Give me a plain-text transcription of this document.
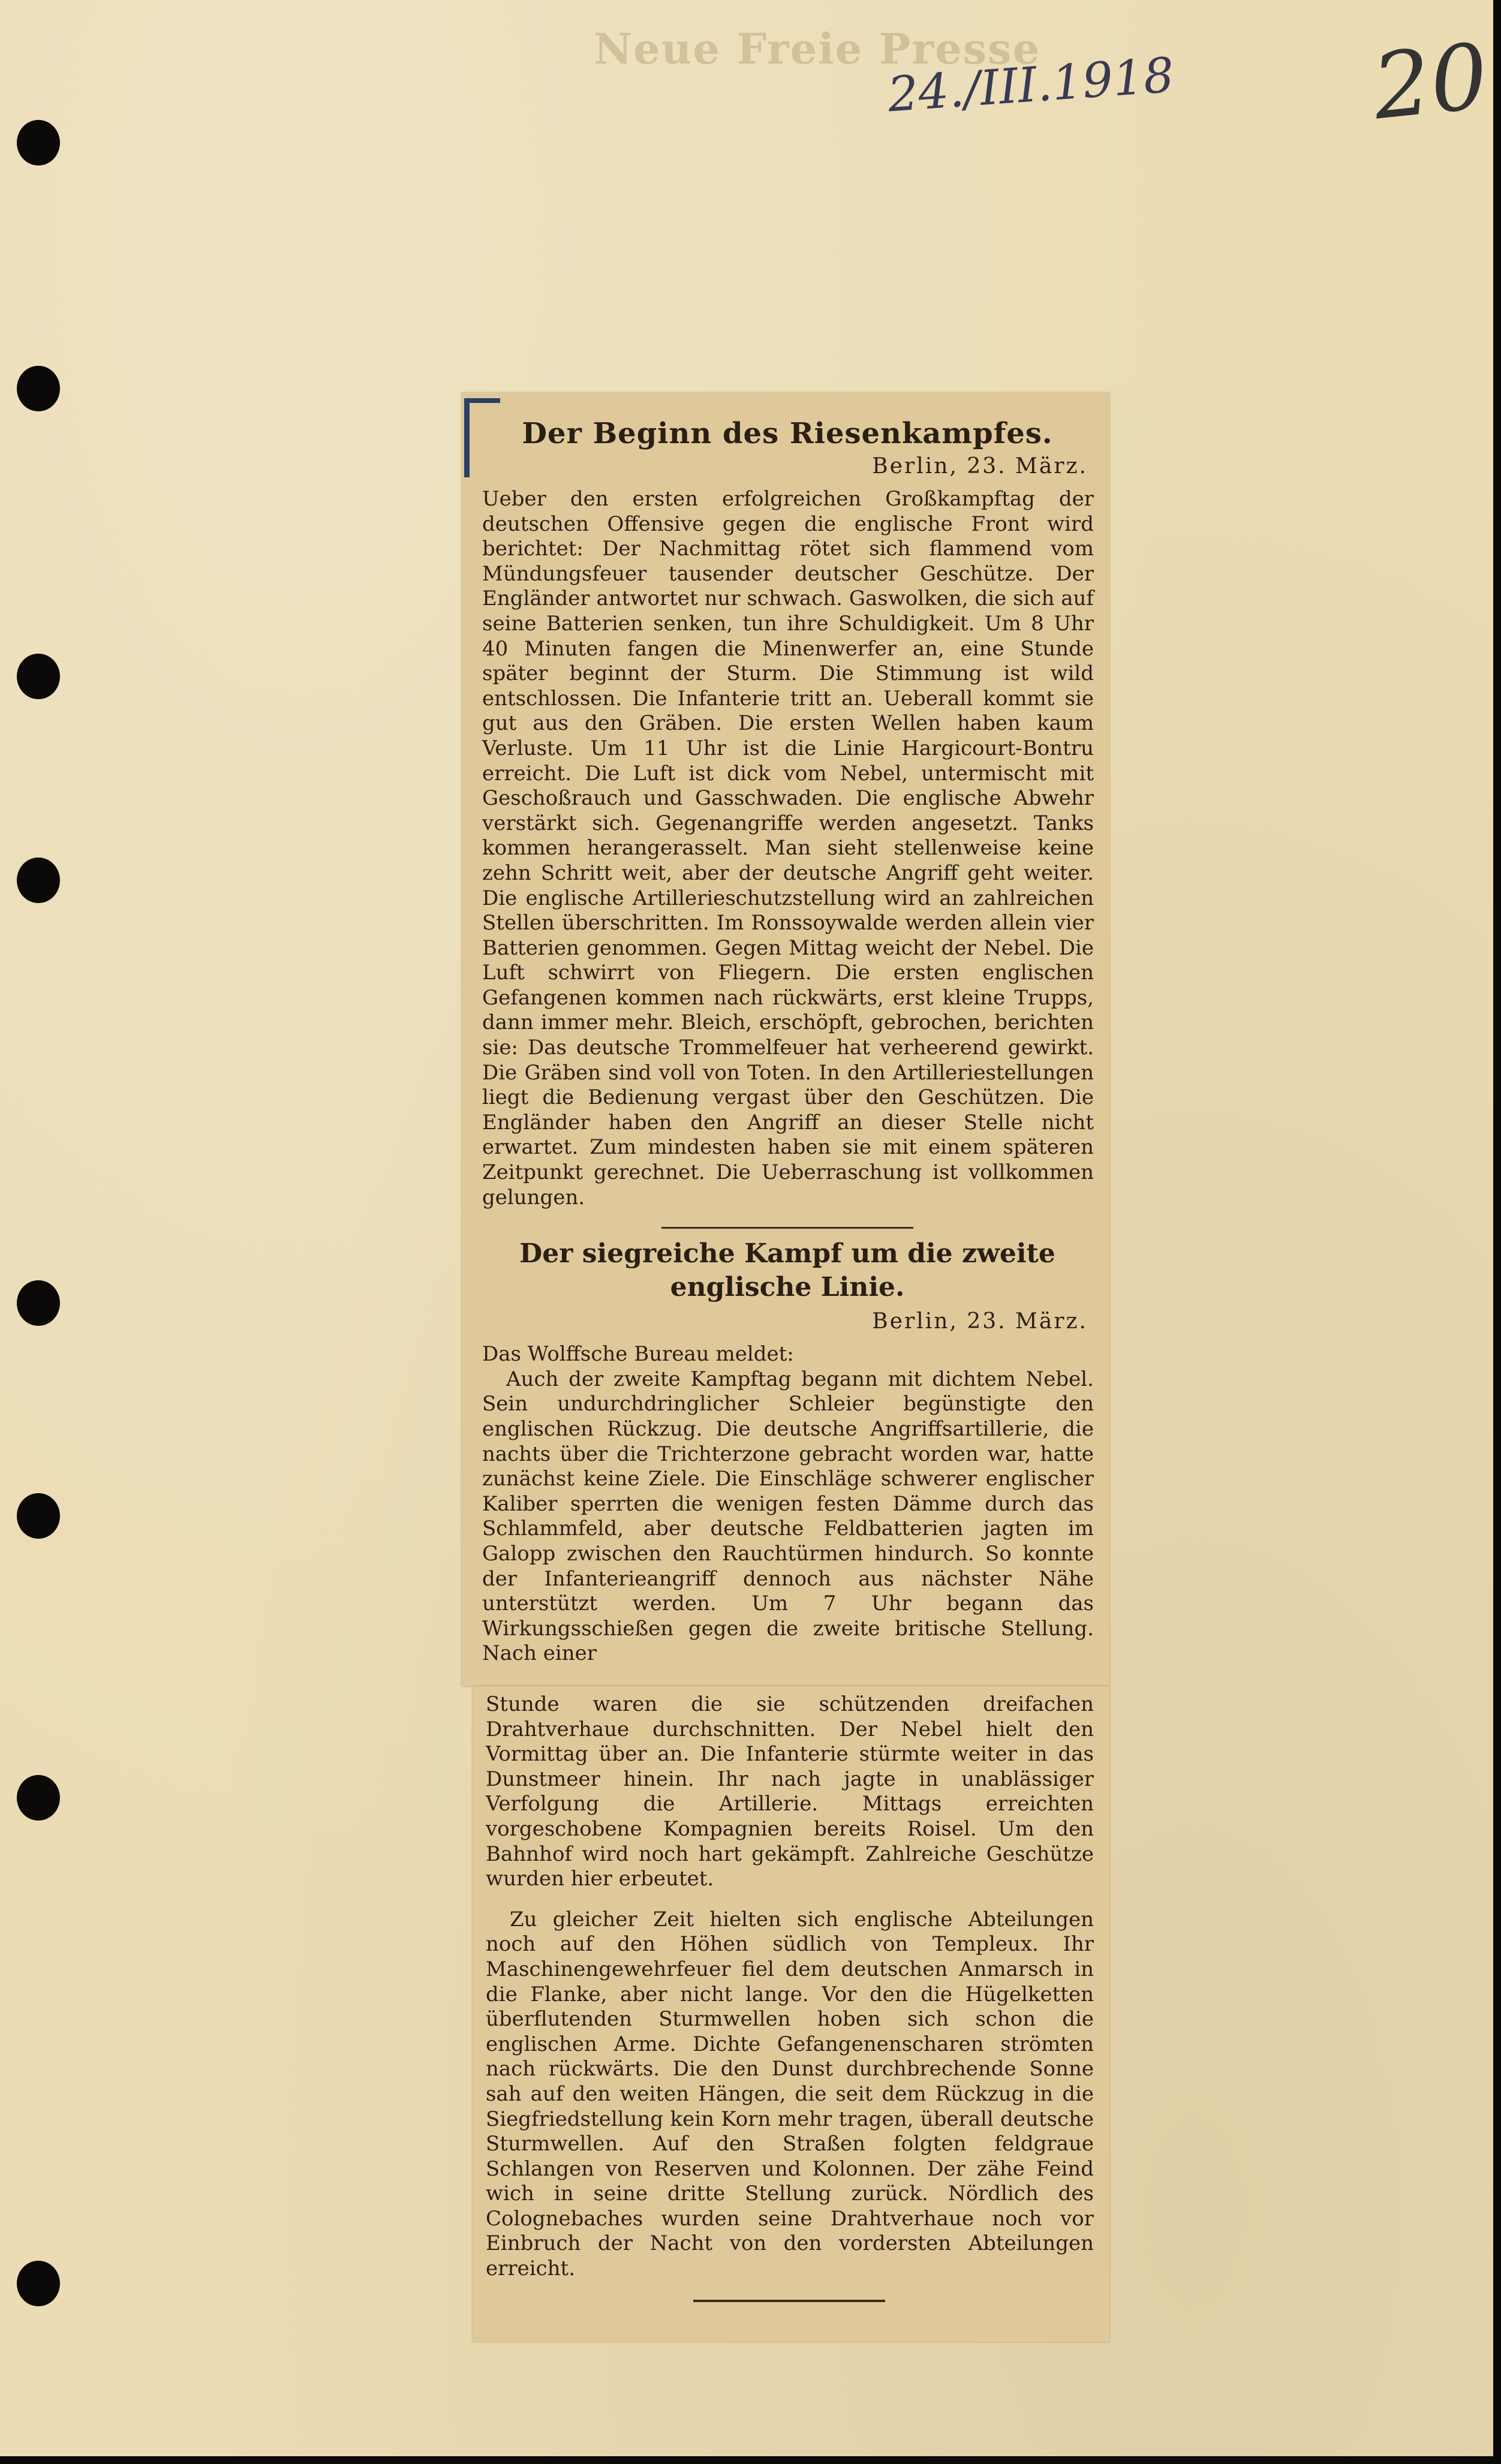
Neue Freie Presse
24./III.1918 20
Der Beginn des Riesenkampfes.
Berlin, 23. März.

Ueber den ersten erfolgreichen Großkampftag der deutschen Offensive gegen die englische Front wird berichtet: Der Nachmittag rötet sich flammend vom Mündungsfeuer tausender deutscher Geschütze. Der Engländer antwortet nur schwach. Gaswolken, die sich auf seine Batterien senken, tun ihre Schuldigkeit. Um 8 Uhr 40 Minuten fangen die Minenwerfer an, eine Stunde später beginnt der Sturm. Die Stimmung ist wild entschlossen. Die Infanterie tritt an. Ueberall kommt sie gut aus den Gräben. Die ersten Wellen haben kaum Verluste. Um 11 Uhr ist die Linie Hargicourt-Bontru erreicht. Die Luft ist dick vom Nebel, untermischt mit Geschoßrauch und Gasschwaden. Die englische Abwehr verstärkt sich. Gegenangriffe werden angesetzt. Tanks kommen herangerasselt. Man sieht stellenweise keine zehn Schritt weit, aber der deutsche Angriff geht weiter. Die englische Artillerieschutzstellung wird an zahlreichen Stellen überschritten. Im Ronssoywalde werden allein vier Batterien genommen. Gegen Mittag weicht der Nebel. Die Luft schwirrt von Fliegern. Die ersten englischen Gefangenen kommen nach rückwärts, erst kleine Trupps, dann immer mehr. Bleich, erschöpft, gebrochen, berichten sie: Das deutsche Trommelfeuer hat verheerend gewirkt. Die Gräben sind voll von Toten. In den Artilleriestellungen liegt die Bedienung vergast über den Geschützen. Die Engländer haben den Angriff an dieser Stelle nicht erwartet. Zum mindesten haben sie mit einem späteren Zeitpunkt gerechnet. Die Ueberraschung ist vollkommen gelungen.

Der siegreiche Kampf um die zweite englische Linie.
Berlin, 23. März.

Das Wolffsche Bureau meldet:

Auch der zweite Kampftag begann mit dichtem Nebel. Sein undurchdringlicher Schleier begünstigte den englischen Rückzug. Die deutsche Angriffsartillerie, die nachts über die Trichterzone gebracht worden war, hatte zunächst keine Ziele. Die Einschläge schwerer englischer Kaliber sperrten die wenigen festen Dämme durch das Schlammfeld, aber deutsche Feldbatterien jagten im Galopp zwischen den Rauchtürmen hindurch. So konnte der Infanterieangriff dennoch aus nächster Nähe unterstützt werden. Um 7 Uhr begann das Wirkungsschießen gegen die zweite britische Stellung. Nach einer

Stunde waren die sie schützenden dreifachen Drahtverhaue durchschnitten. Der Nebel hielt den Vormittag über an. Die Infanterie stürmte weiter in das Dunstmeer hinein. Ihr nach jagte in unablässiger Verfolgung die Artillerie. Mittags erreichten vorgeschobene Kompagnien bereits Roisel. Um den Bahnhof wird noch hart gekämpft. Zahlreiche Geschütze wurden hier erbeutet.

Zu gleicher Zeit hielten sich englische Abteilungen noch auf den Höhen südlich von Templeux. Ihr Maschinengewehrfeuer fiel dem deutschen Anmarsch in die Flanke, aber nicht lange. Vor den die Hügelketten überflutenden Sturmwellen hoben sich schon die englischen Arme. Dichte Gefangenenscharen strömten nach rückwärts. Die den Dunst durchbrechende Sonne sah auf den weiten Hängen, die seit dem Rückzug in die Siegfriedstellung kein Korn mehr tragen, überall deutsche Sturmwellen. Auf den Straßen folgten feldgraue Schlangen von Reserven und Kolonnen. Der zähe Feind wich in seine dritte Stellung zurück. Nördlich des Colognebaches wurden seine Drahtverhaue noch vor Einbruch der Nacht von den vordersten Abteilungen erreicht.
